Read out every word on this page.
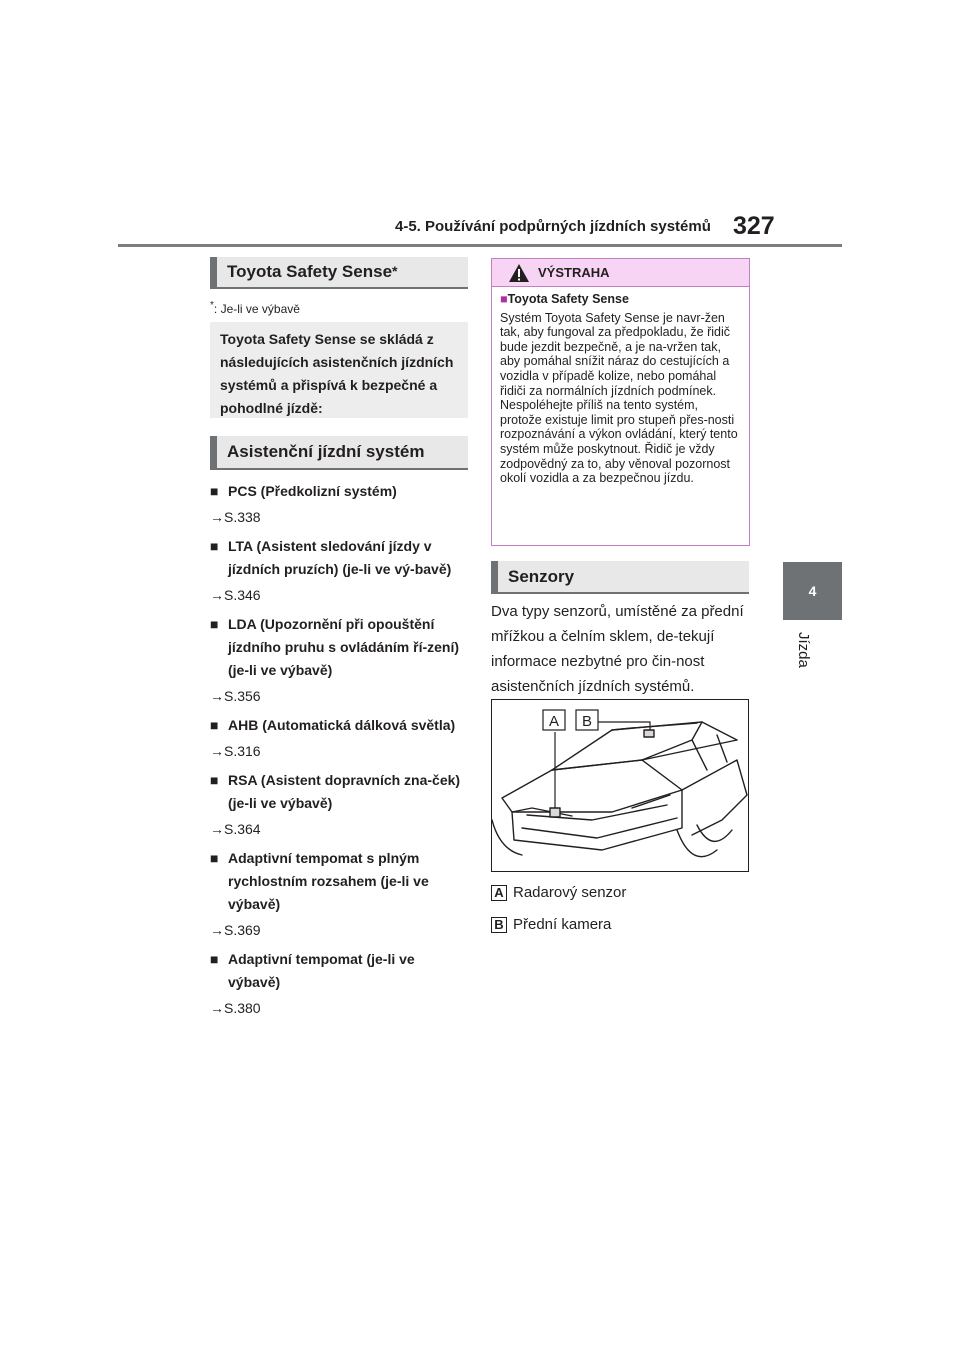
4-5. Používání podpůrných jízdních systémů 327
4
Jízda
Toyota Safety Sense *
*: Je-li ve výbavě
Toyota Safety Sense se skládá z následujících asistenčních jízdních systémů a přispívá k bezpečné a pohodlné jízdě:
Asistenční jízdní systém
■ PCS (Předkolizní systém)
→S.338
■ LTA (Asistent sledování jízdy v jízdních pruzích) (je-li ve vý-bavě)
→S.346
■ LDA (Upozornění při opouštění jízdního pruhu s ovládáním ří-zení) (je-li ve výbavě)
→S.356
■ AHB (Automatická dálková světla)
→S.316
■ RSA (Asistent dopravních zna-ček) (je-li ve výbavě)
→S.364
■ Adaptivní tempomat s plným rychlostním rozsahem (je-li ve výbavě)
→S.369
■ Adaptivní tempomat (je-li ve výbavě)
→S.380
VÝSTRAHA
■Toyota Safety Sense
Systém Toyota Safety Sense je navr-žen tak, aby fungoval za předpokladu, že řidič bude jezdit bezpečně, a je na-vržen tak, aby pomáhal snížit náraz do cestujících a vozidla v případě kolize, nebo pomáhal řidiči za normálních jízdních podmínek.
Nespoléhejte příliš na tento systém, protože existuje limit pro stupeň přes-nosti rozpoznávání a výkon ovládání, který tento systém může poskytnout. Řidič je vždy zodpovědný za to, aby věnoval pozornost okolí vozidla a za bezpečnou jízdu.
Senzory
Dva typy senzorů, umístěné za přední mřížkou a čelním sklem, de-tekují informace nezbytné pro čin-nost asistenčních jízdních systémů.
A B
A Radarový senzor
B Přední kamera
